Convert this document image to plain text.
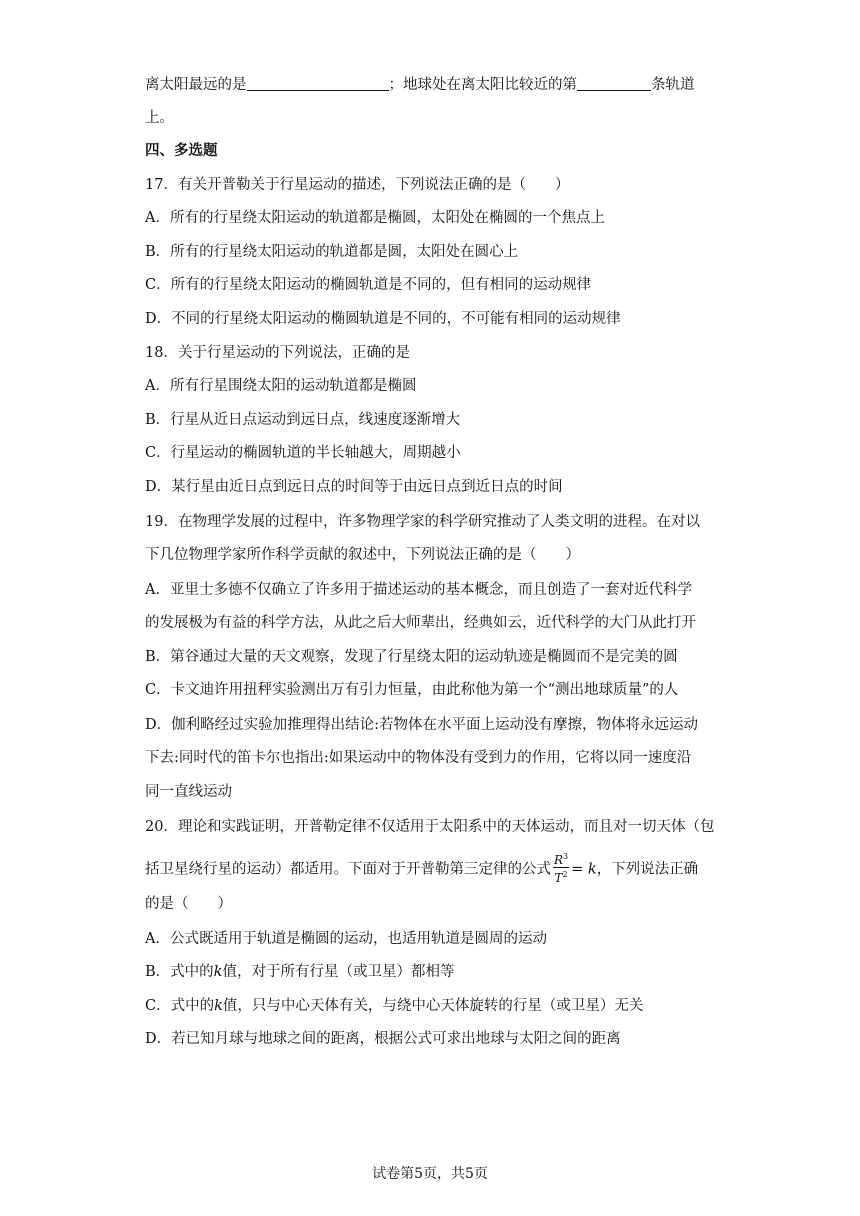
离太阳最远的是	；地球处在离太阳比较近的第	条轨道
上。
四、多选题
17．有关开普勒关于行星运动的描述，下列说法正确的是（　　）
A．所有的行星绕太阳运动的轨道都是椭圆，太阳处在椭圆的一个焦点上
B．所有的行星绕太阳运动的轨道都是圆，太阳处在圆心上
C．所有的行星绕太阳运动的椭圆轨道是不同的，但有相同的运动规律
D．不同的行星绕太阳运动的椭圆轨道是不同的，不可能有相同的运动规律
18．关于行星运动的下列说法，正确的是
A．所有行星围绕太阳的运动轨道都是椭圆
B．行星从近日点运动到远日点，线速度逐渐增大
C．行星运动的椭圆轨道的半长轴越大，周期越小
D．某行星由近日点到远日点的时间等于由远日点到近日点的时间
19．在物理学发展的过程中，许多物理学家的科学研究推动了人类文明的进程。在对以
下几位物理学家所作科学贡献的叙述中，下列说法正确的是（　　）
A．亚里士多德不仅确立了许多用于描述运动的基本概念，而且创造了一套对近代科学
的发展极为有益的科学方法，从此之后大师辈出，经典如云，近代科学的大门从此打开
B．第谷通过大量的天文观察，发现了行星绕太阳的运动轨迹是椭圆而不是完美的圆
C．卡文迪许用扭秤实验测出万有引力恒量，由此称他为第一个“测出地球质量”的人
D．伽利略经过实验加推理得出结论:若物体在水平面上运动没有摩擦，物体将永远运动
下去:同时代的笛卡尔也指出:如果运动中的物体没有受到力的作用，它将以同一速度沿
同一直线运动
20．理论和实践证明，开普勒定律不仅适用于太阳系中的天体运动，而且对一切天体（包
括卫星绕行星的运动）都适用。下面对于开普勒第三定律的公式 $\frac{R^3}{T^2} = k$，下列说法正确
的是（　　）
A．公式既适用于轨道是椭圆的运动，也适用轨道是圆周的运动
B．式中的k值，对于所有行星（或卫星）都相等
C．式中的k值，只与中心天体有关，与绕中心天体旋转的行星（或卫星）无关
D．若已知月球与地球之间的距离，根据公式可求出地球与太阳之间的距离
试卷第5页，共5页
